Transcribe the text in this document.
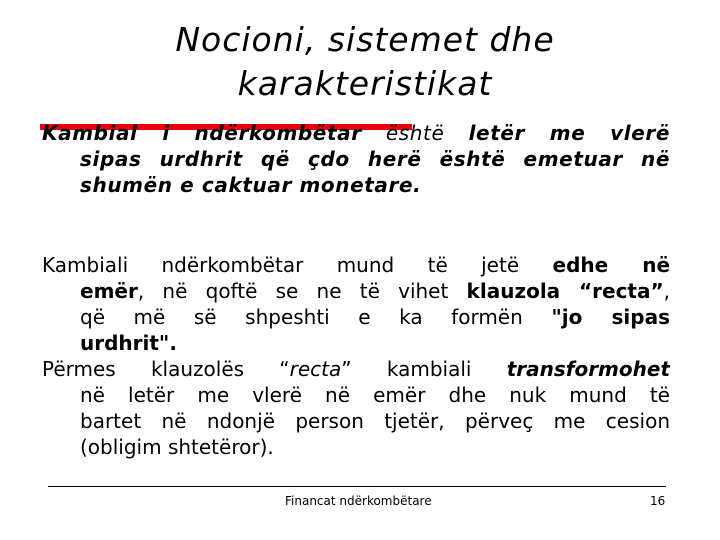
Nocioni, sistemet dhe
karakteristikat
Kambial i ndërkombëtar është letër me vlerë
sipas urdhrit që çdo herë është emetuar në
shumën e caktuar monetare.
Kambiali ndërkombëtar mund të jetë edhe në
emër, në qoftë se ne të vihet klauzola “recta”,
që më së shpeshti e ka formën "jo sipas
urdhrit".
Përmes klauzolës “recta” kambiali transformohet
në letër me vlerë në emër dhe nuk mund të
bartet në ndonjë person tjetër, përveç me cesion
(obligim shtetëror).
Financat ndërkombëtare	16
